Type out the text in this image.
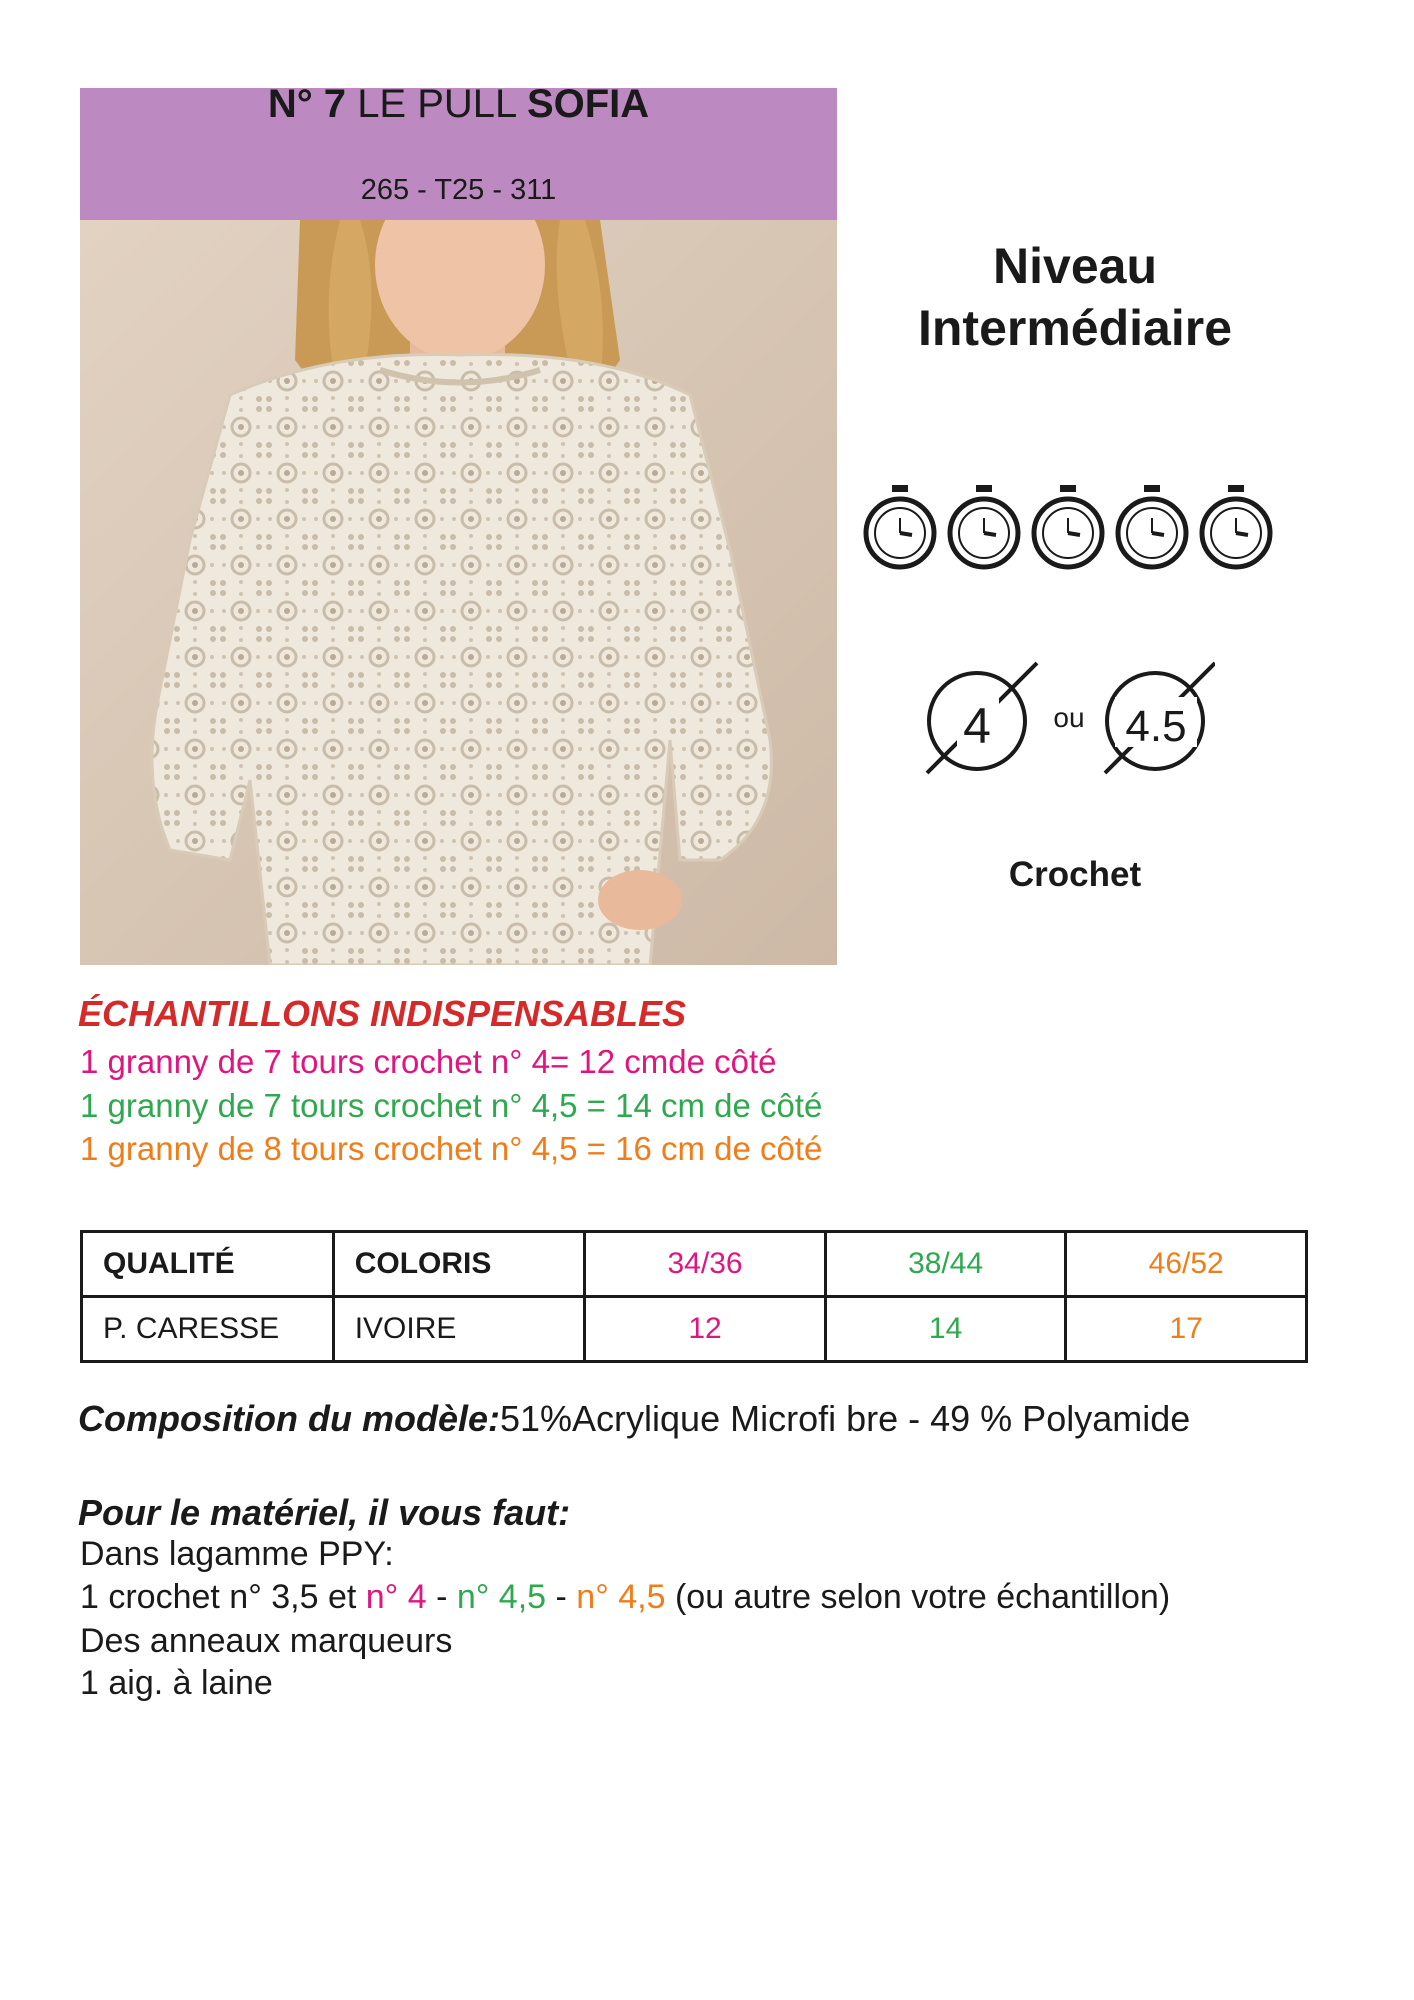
N° 7 LE PULL SOFIA
265 - T25 - 311
Niveau
Intermédiaire
4 ou 4.5
Crochet
ÉCHANTILLONS INDISPENSABLES
1 granny de 7 tours crochet n° 4= 12 cmde côté
1 granny de 7 tours crochet n° 4,5 = 14 cm de côté
1 granny de 8 tours crochet n° 4,5 = 16 cm de côté
QUALITÉ	COLORIS	34/36	38/44	46/52
P. CARESSE	IVOIRE	12	14	17
Composition du modèle:51%Acrylique Microfi bre - 49 % Polyamide
Pour le matériel, il vous faut:
Dans lagamme PPY:
1 crochet n° 3,5 et n° 4 - n° 4,5 - n° 4,5 (ou autre selon votre échantillon)
Des anneaux marqueurs
1 aig. à laine
